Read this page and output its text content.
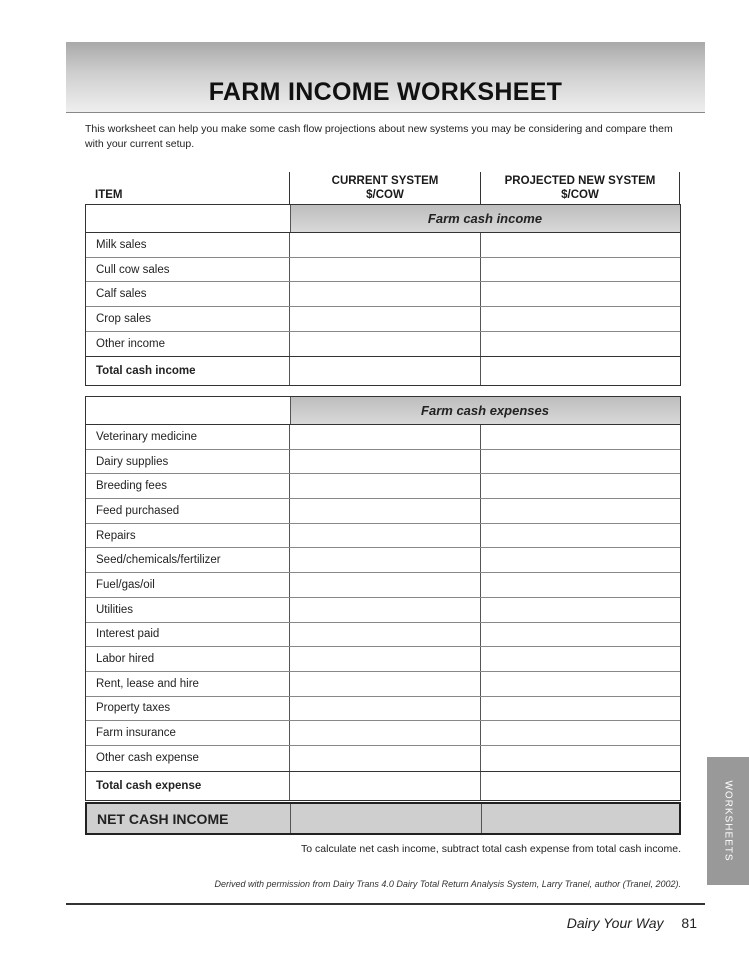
FARM INCOME WORKSHEET
This worksheet can help you make some cash flow projections about new systems you may be considering and compare them with your current setup.
ITEM
CURRENT SYSTEM
$/COW
PROJECTED NEW SYSTEM
$/COW
Farm cash income
Milk sales
Cull cow sales
Calf sales
Crop sales
Other income
Total cash income
Farm cash expenses
Veterinary medicine
Dairy supplies
Breeding fees
Feed purchased
Repairs
Seed/chemicals/fertilizer
Fuel/gas/oil
Utilities
Interest paid
Labor hired
Rent, lease and hire
Property taxes
Farm insurance
Other cash expense
Total cash expense
NET CASH INCOME
To calculate net cash income, subtract total cash expense from total cash income.
Derived with permission from Dairy Trans 4.0 Dairy Total Return Analysis System, Larry Tranel, author (Tranel, 2002).
Dairy Your Way 81
WORKSHEETS
